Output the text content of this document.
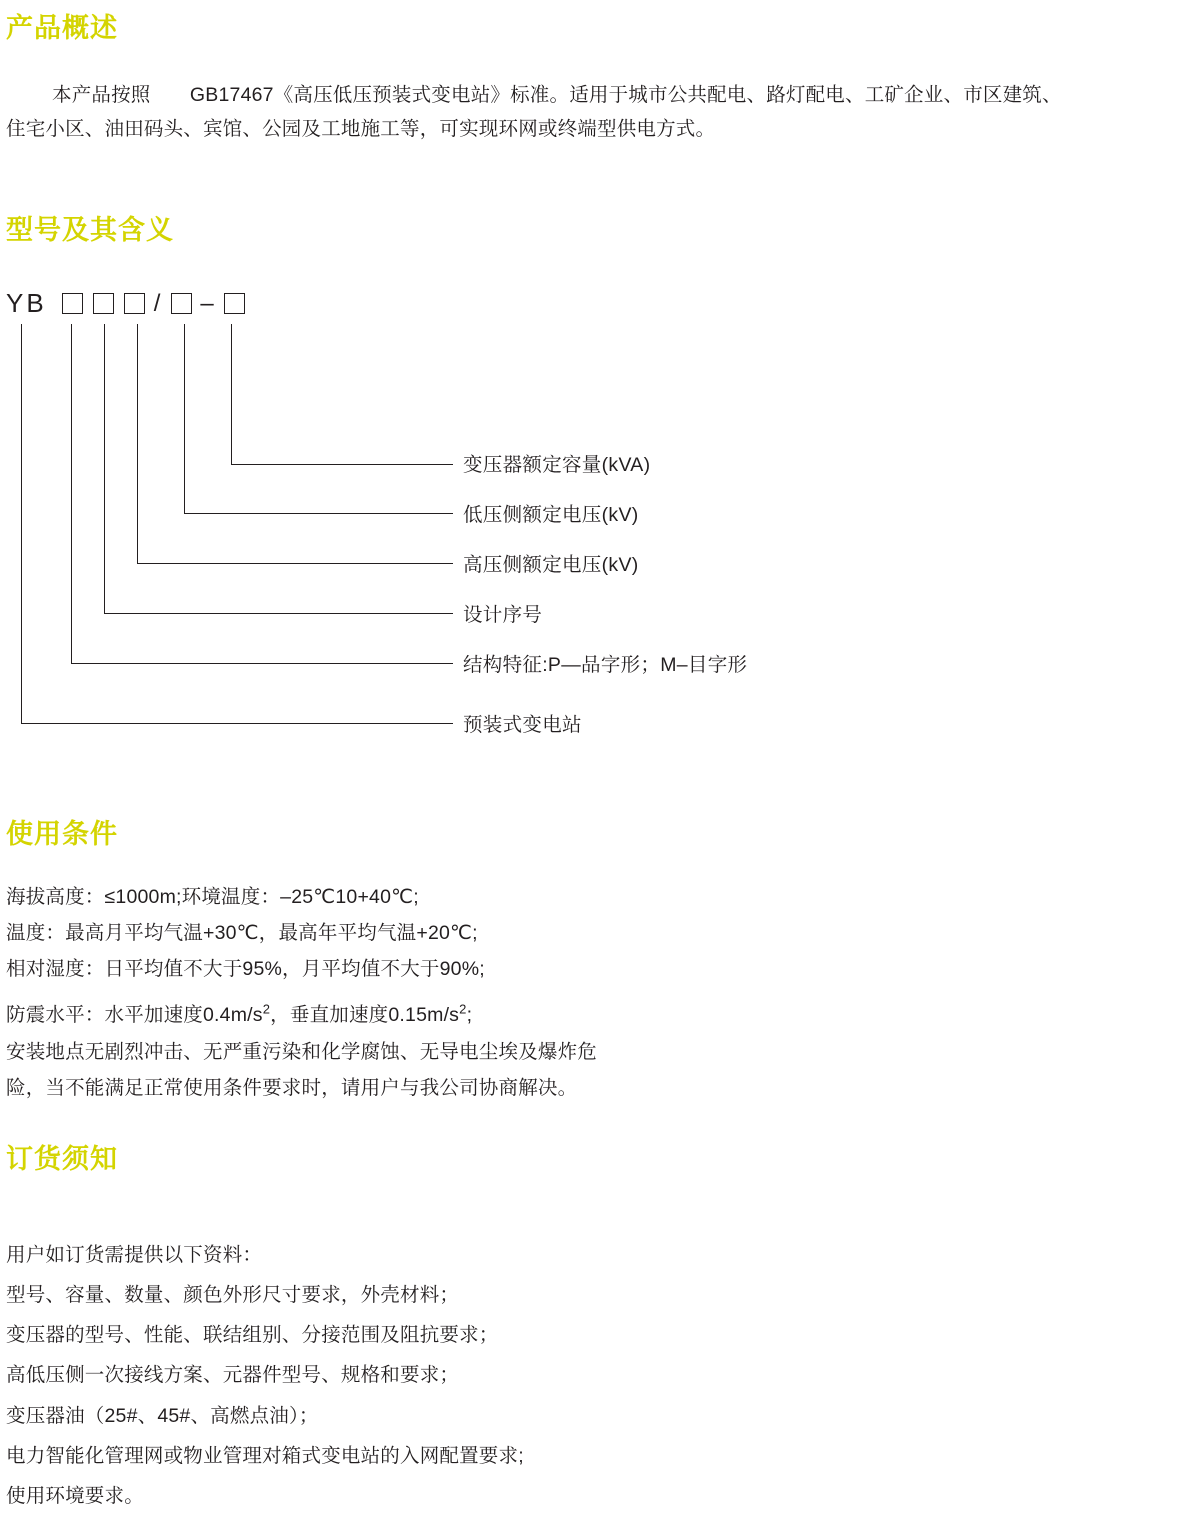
产品概述

本产品按照　　GB17467《高压低压预装式变电站》标准。适用于城市公共配电、路灯配电、工矿企业、市区建筑、

住宅小区、油田码头、宾馆、公园及工地施工等，可实现环网或终端型供电方式。

型号及其含义
YB	/ –
变压器额定容量(kVA)
低压侧额定电压(kV)
高压侧额定电压(kV)
设计序号
结构特征:P—品字形；M–目字形
预装式变电站
使用条件

海拔高度：≤1000m;环境温度：–25℃10+40℃;

温度：最高月平均气温+30℃，最高年平均气温+20℃;

相对湿度：日平均值不大于95%，月平均值不大于90%;

防震水平：水平加速度$0.4m/s^2$，垂直加速度$0.15m/s^2$;

安装地点无剧烈冲击、无严重污染和化学腐蚀、无导电尘埃及爆炸危

险，当不能满足正常使用条件要求时，请用户与我公司协商解决。

订货须知

用户如订货需提供以下资料：

型号、容量、数量、颜色外形尺寸要求，外壳材料；

变压器的型号、性能、联结组别、分接范围及阻抗要求；

高低压侧一次接线方案、元器件型号、规格和要求；

变压器油（25#、45#、高燃点油）；

电力智能化管理网或物业管理对箱式变电站的入网配置要求;

使用环境要求。
